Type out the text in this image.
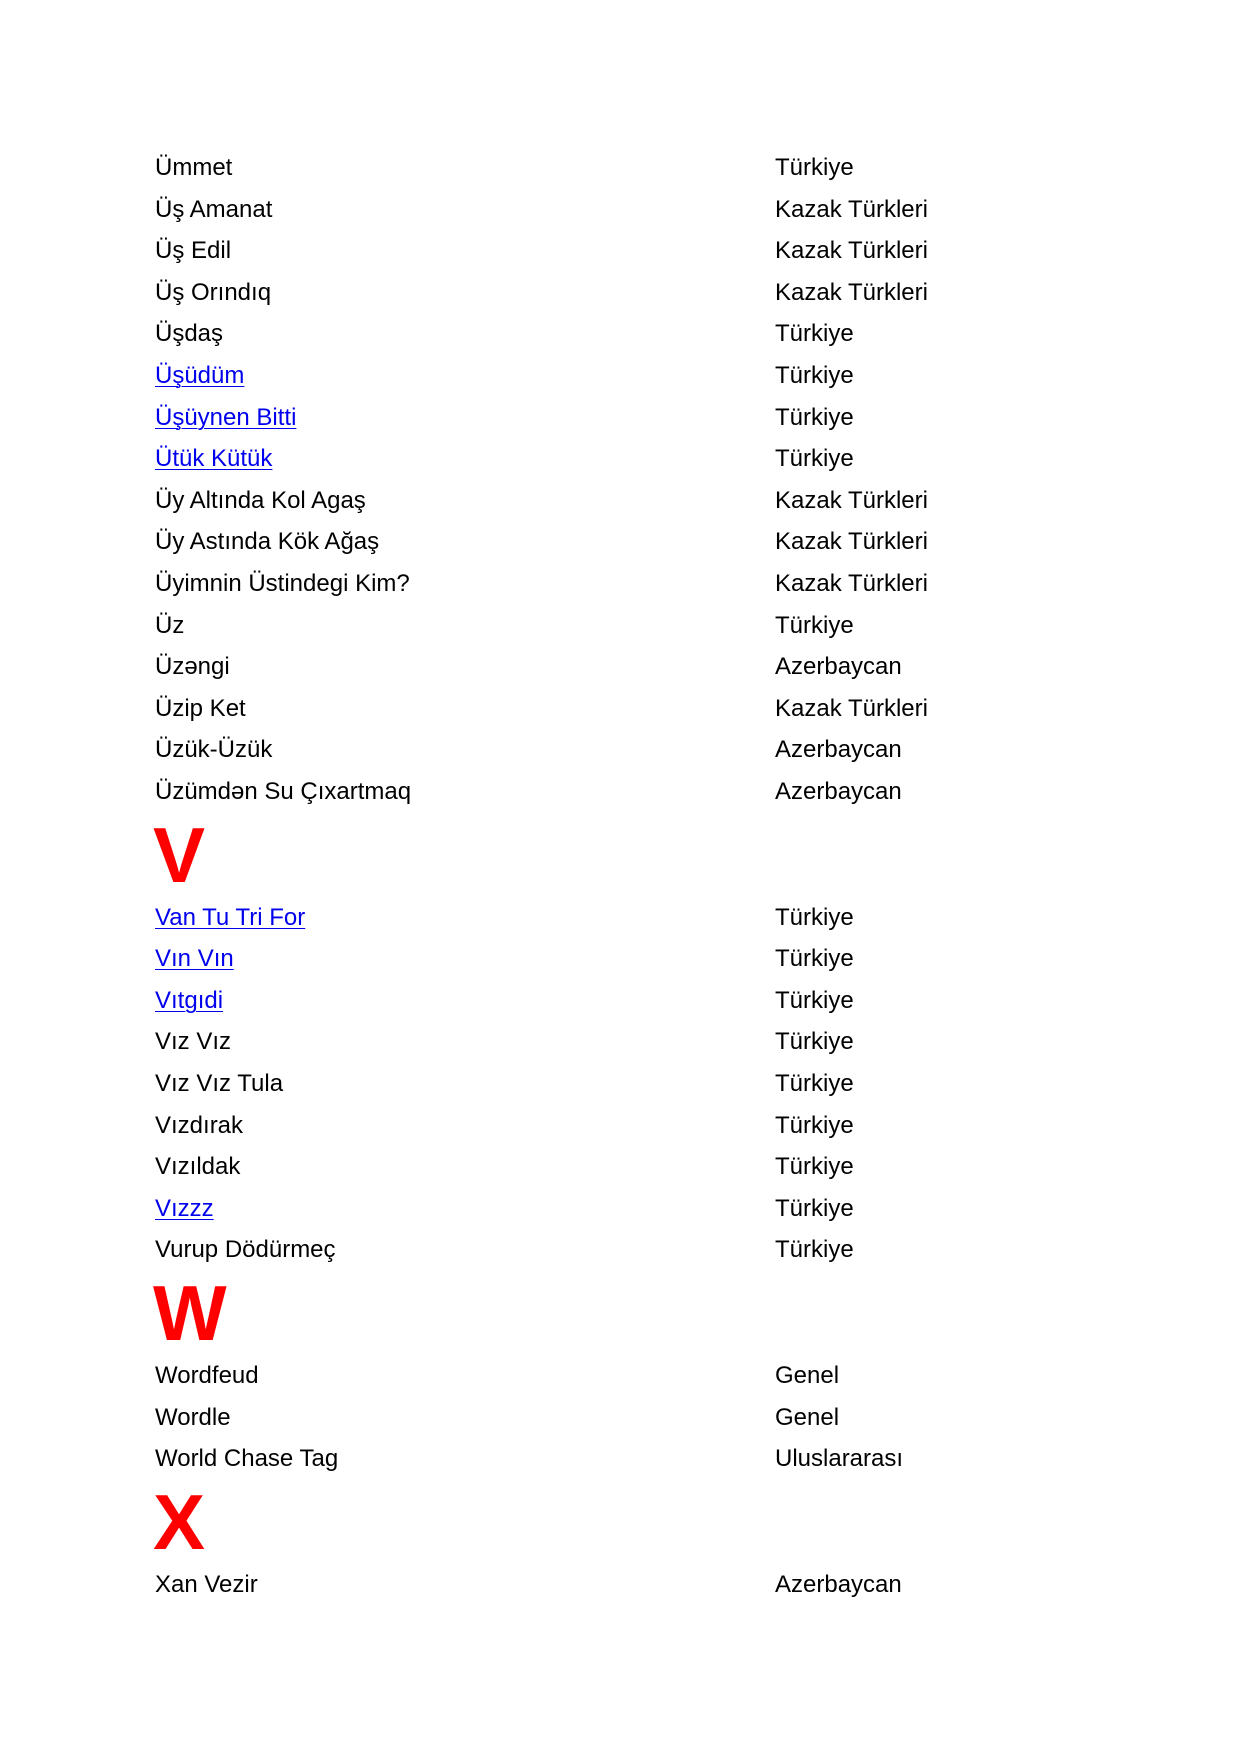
Ümmet	Türkiye
Üş Amanat	Kazak Türkleri
Üş Edil	Kazak Türkleri
Üş Orındıq	Kazak Türkleri
Üşdaş	Türkiye
Üşüdüm	Türkiye
Üşüynen Bitti	Türkiye
Ütük Kütük	Türkiye
Üy Altında Kol Agaş	Kazak Türkleri
Üy Astında Kök Ağaş	Kazak Türkleri
Üyimnin Üstindegi Kim?	Kazak Türkleri
Üz	Türkiye
Üzəngi	Azerbaycan
Üzip Ket	Kazak Türkleri
Üzük-Üzük	Azerbaycan
Üzümdən Su Çıxartmaq	Azerbaycan
V
Van Tu Tri For	Türkiye
Vın Vın	Türkiye
Vıtgıdi	Türkiye
Vız Vız	Türkiye
Vız Vız Tula	Türkiye
Vızdırak	Türkiye
Vızıldak	Türkiye
Vızzz	Türkiye
Vurup Dödürmeç	Türkiye
W
Wordfeud	Genel
Wordle	Genel
World Chase Tag	Uluslararası
X
Xan Vezir	Azerbaycan
